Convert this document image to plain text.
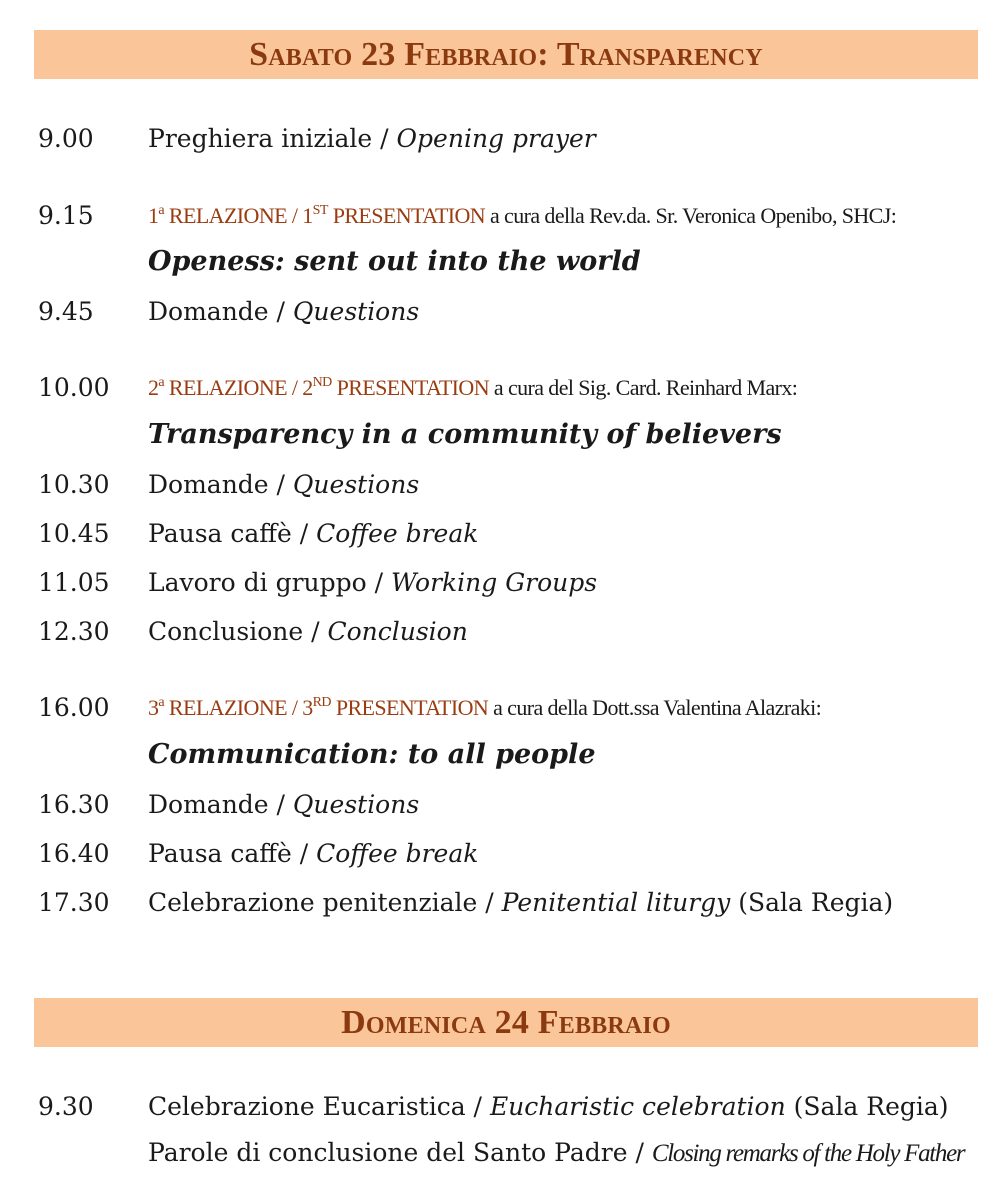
Sabato 23 Febbraio: Transparency
9.00 Preghiera iniziale / Opening prayer
9.15 1$^a$ RELAZIONE / 1ST PRESENTATION a cura della Rev.da. Sr. Veronica Openibo, SHCJ:
Openess: sent out into the world
9.45 Domande / Questions
10.00 2$^a$ RELAZIONE / 2ND PRESENTATION a cura del Sig. Card. Reinhard Marx:
Transparency in a community of believers
10.30 Domande / Questions
10.45 Pausa caffè / Coffee break
11.05 Lavoro di gruppo / Working Groups
12.30 Conclusione / Conclusion
16.00 3$^a$ RELAZIONE / 3RD PRESENTATION a cura della Dott.ssa Valentina Alazraki:
Communication: to all people
16.30 Domande / Questions
16.40 Pausa caffè / Coffee break
17.30 Celebrazione penitenziale / Penitential liturgy (Sala Regia)
Domenica 24 Febbraio
9.30 Celebrazione Eucaristica / Eucharistic celebration (Sala Regia)
Parole di conclusione del Santo Padre / Closing remarks of the Holy Father
